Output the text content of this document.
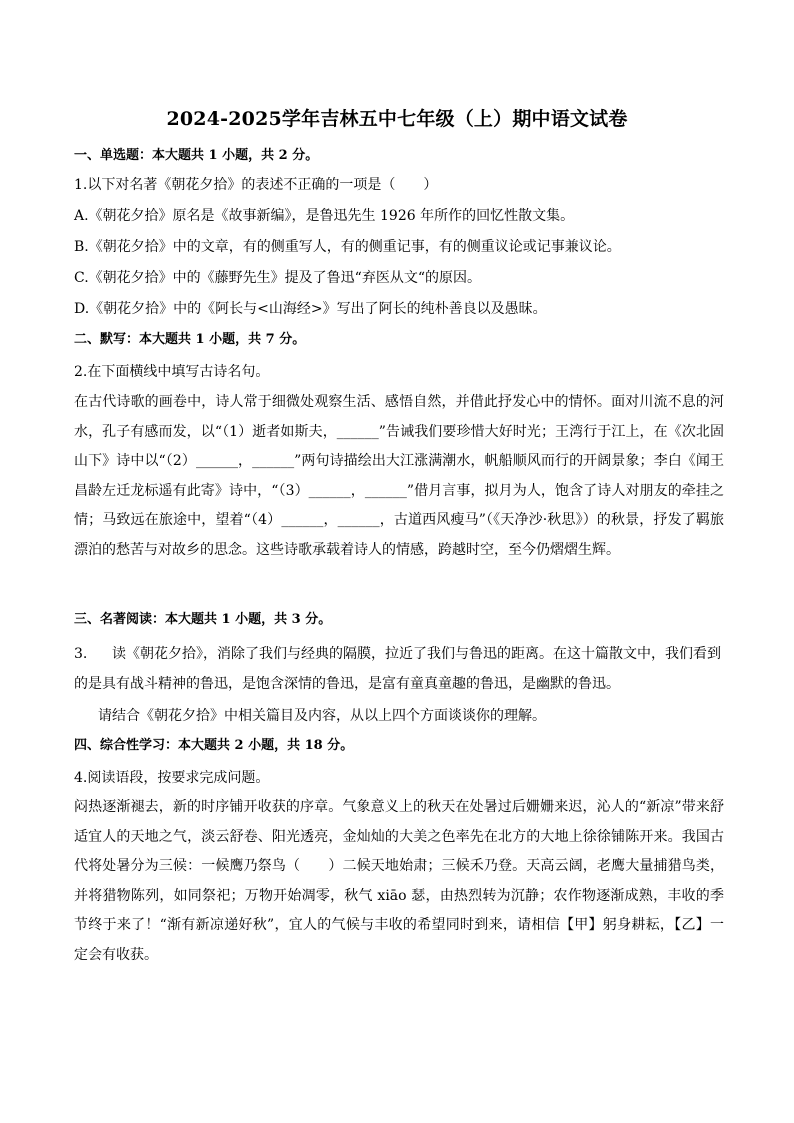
2024-2025学年吉林五中七年级（上）期中语文试卷
一、单选题：本大题共 1 小题，共 2 分。
1.以下对名著《朝花夕拾》的表述不正确的一项是（　　）
A.《朝花夕拾》原名是《故事新编》，是鲁迅先生 1926 年所作的回忆性散文集。
B.《朝花夕拾》中的文章，有的侧重写人，有的侧重记事，有的侧重议论或记事兼议论。
C.《朝花夕拾》中的《藤野先生》提及了鲁迅“弃医从文“的原因。
D.《朝花夕拾》中的《阿长与<山海经>》写出了阿长的纯朴善良以及愚昧。
二、默写：本大题共 1 小题，共 7 分。
2.在下面横线中填写古诗名句。
在古代诗歌的画卷中，诗人常于细微处观察生活、感悟自然，并借此抒发心中的情怀。面对川流不息的河水，孔子有感而发，以“（1）逝者如斯夫，______”告诫我们要珍惜大好时光；王湾行于江上，在《次北固山下》诗中以“（2）______，______”两句诗描绘出大江涨满潮水，帆船顺风而行的开阔景象；李白《闻王昌龄左迁龙标遥有此寄》诗中，“（3）______，______”借月言事，拟月为人，饱含了诗人对朋友的牵挂之情；马致远在旅途中，望着“（4）______，______，古道西风瘦马”（《天净沙·秋思》）的秋景，抒发了羁旅漂泊的愁苦与对故乡的思念。这些诗歌承载着诗人的情感，跨越时空，至今仍熠熠生辉。
三、名著阅读：本大题共 1 小题，共 3 分。
3. 读《朝花夕拾》，消除了我们与经典的隔膜，拉近了我们与鲁迅的距离。在这十篇散文中，我们看到的是具有战斗精神的鲁迅，是饱含深情的鲁迅，是富有童真童趣的鲁迅，是幽默的鲁迅。
请结合《朝花夕拾》中相关篇目及内容，从以上四个方面谈谈你的理解。
四、综合性学习：本大题共 2 小题，共 18 分。
4.阅读语段，按要求完成问题。
闷热逐渐褪去，新的时序铺开收获的序章。气象意义上的秋天在处暑过后姗姗来迟，沁人的“新凉”带来舒适宜人的天地之气，淡云舒卷、阳光透亮，金灿灿的大美之色率先在北方的大地上徐徐铺陈开来。我国古代将处暑分为三候：一候鹰乃祭鸟（　　）二候天地始肃；三候禾乃登。天高云阔，老鹰大量捕猎鸟类，并将猎物陈列，如同祭祀；万物开始凋零，秋气 xiāo 瑟，由热烈转为沉静；农作物逐渐成熟，丰收的季节终于来了！“渐有新凉递好秋”，宜人的气候与丰收的希望同时到来，请相信【甲】躬身耕耘，【乙】一定会有收获。
